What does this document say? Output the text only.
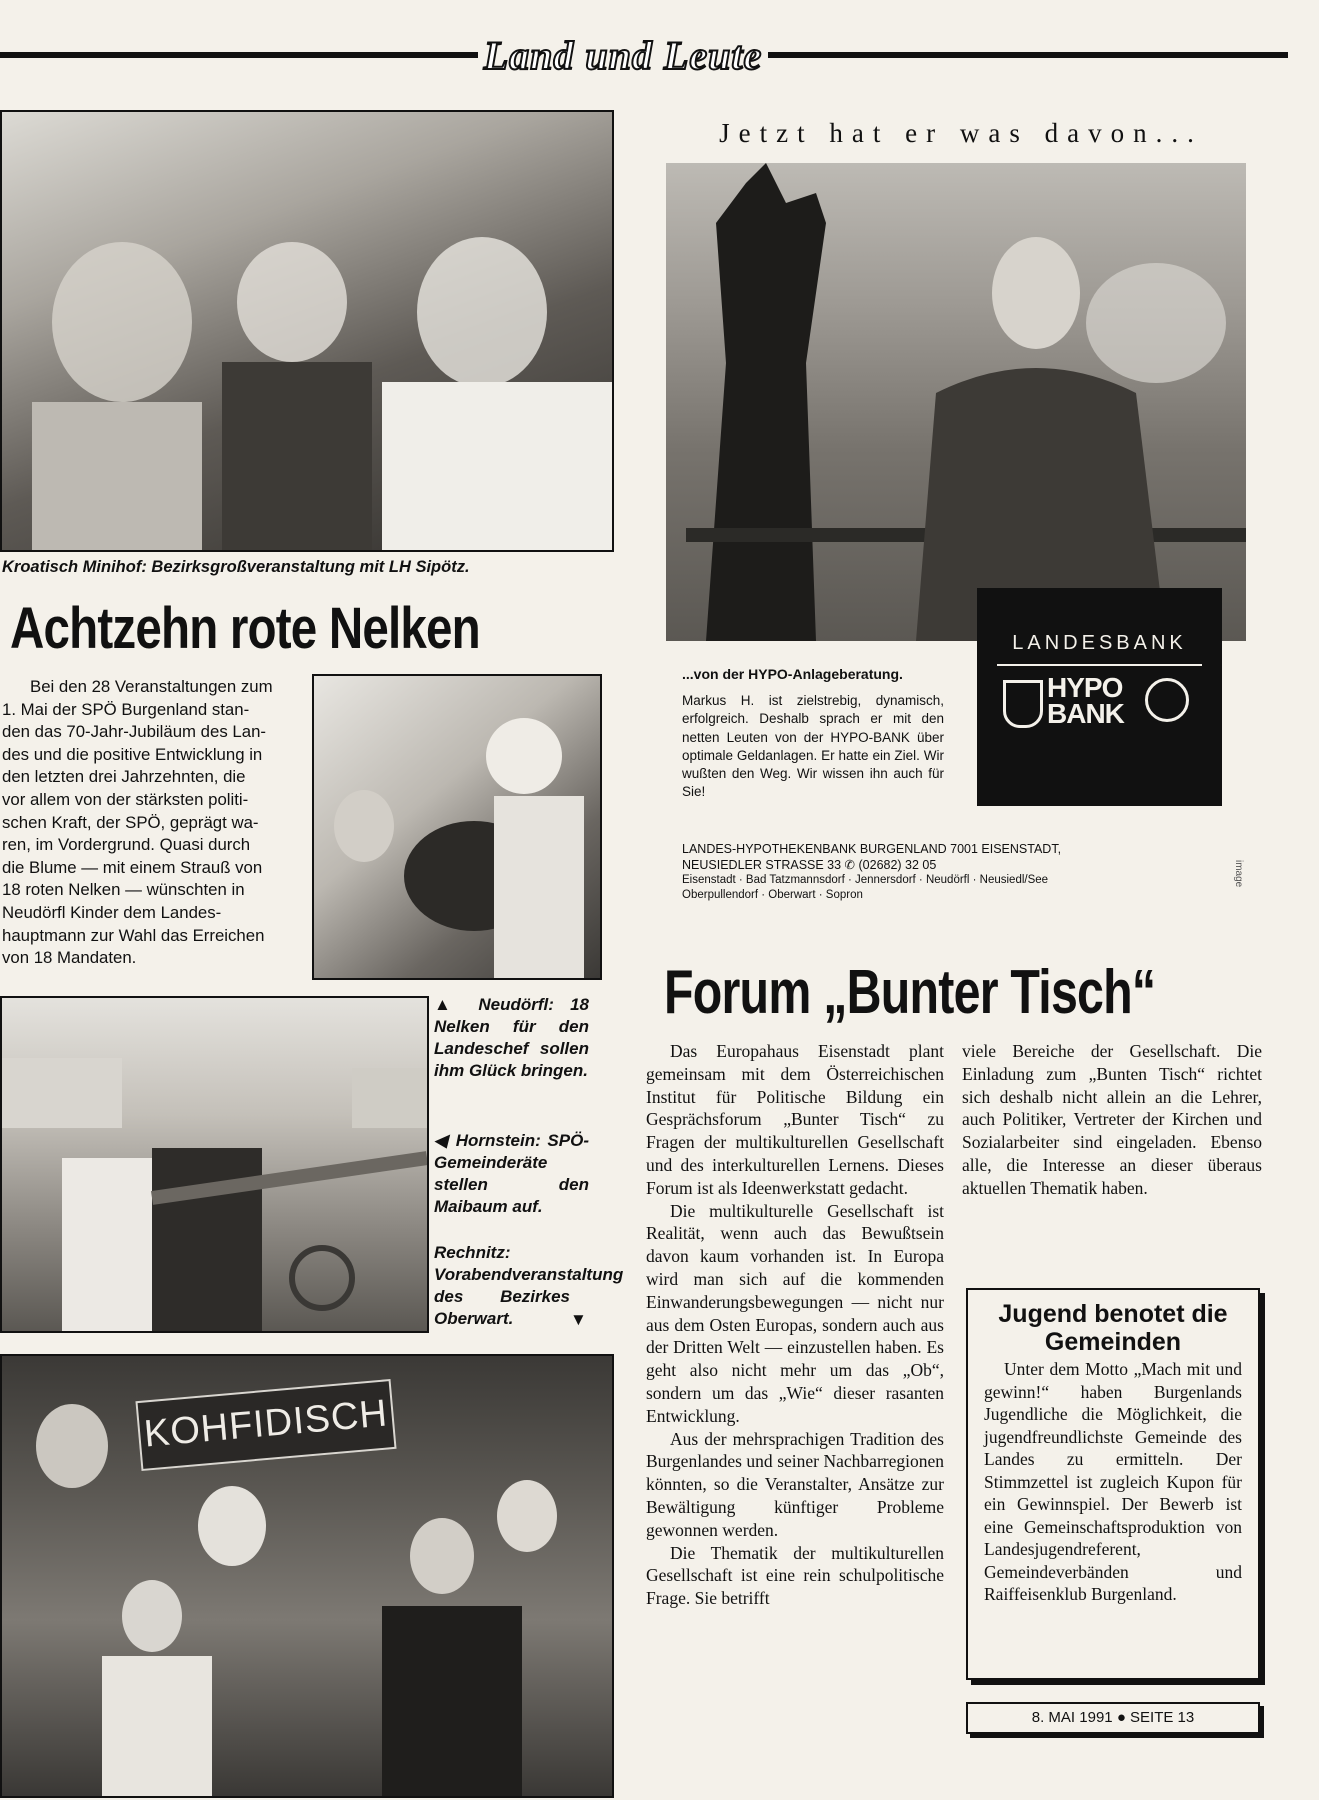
Land und Leute
Kroatisch Minihof: Bezirksgroßveranstaltung mit LH Sipötz.
Achtzehn rote Nelken
Bei den 28 Veranstaltungen zum
1. Mai der SPÖ Burgenland stan-
den das 70-Jahr-Jubiläum des Lan-
des und die positive Entwicklung in
den letzten drei Jahrzehnten, die
vor allem von der stärksten politi-
schen Kraft, der SPÖ, geprägt wa-
ren, im Vordergrund. Quasi durch
die Blume — mit einem Strauß von
18 roten Nelken — wünschten in
Neudörfl Kinder dem Landes-
hauptmann zur Wahl das Erreichen
von 18 Mandaten.
▲ Neudörfl: 18 Nelken für den Landeschef sollen ihm Glück bringen.
◀ Hornstein: SPÖ-Gemeinderäte stellen den Maibaum auf.
Rechnitz: Vorabendveranstaltung des Bezirkes Oberwart.	▼
KOHFIDISCH
Jetzt hat er was davon...
LANDESBANK
HYPO
BANK
...von der HYPO-Anlageberatung.
Markus H. ist zielstrebig, dynamisch, erfolgreich. Deshalb sprach er mit den netten Leuten von der HYPO-BANK über optimale Geldanlagen. Er hatte ein Ziel. Wir wußten den Weg. Wir wissen ihn auch für Sie!
LANDES-HYPOTHEKENBANK BURGENLAND 7001 EISENSTADT,
NEUSIEDLER STRASSE 33 ✆ (02682) 32 05
Eisenstadt · Bad Tatzmannsdorf · Jennersdorf · Neudörfl · Neusiedl/See
Oberpullendorf · Oberwart · Sopron
image
Forum „Bunter Tisch“

Das Europahaus Eisenstadt plant gemeinsam mit dem Österreichischen Institut für Politische Bildung ein Gesprächsforum „Bunter Tisch“ zu Fragen der multikulturellen Gesellschaft und des interkulturellen Lernens. Dieses Forum ist als Ideenwerkstatt gedacht.

Die multikulturelle Gesellschaft ist Realität, wenn auch das Bewußtsein davon kaum vorhanden ist. In Europa wird man sich auf die kommenden Einwanderungsbewegungen — nicht nur aus dem Osten Europas, sondern auch aus der Dritten Welt — einzustellen haben. Es geht also nicht mehr um das „Ob“, sondern um das „Wie“ dieser rasanten Entwicklung.

Aus der mehrsprachigen Tradition des Burgenlandes und seiner Nachbarregionen könnten, so die Veranstalter, Ansätze zur Bewältigung künftiger Probleme gewonnen werden.

Die Thematik der multikulturellen Gesellschaft ist eine rein schulpolitische Frage. Sie betrifft

viele Bereiche der Gesellschaft. Die Einladung zum „Bunten Tisch“ richtet sich deshalb nicht allein an die Lehrer, auch Politiker, Vertreter der Kirchen und Sozialarbeiter sind eingeladen. Ebenso alle, die Interesse an dieser überaus aktuellen Thematik haben.

Jugend benotet die Gemeinden
Unter dem Motto „Mach mit und gewinn!“ haben Burgenlands Jugendliche die Möglichkeit, die jugendfreundlichste Gemeinde des Landes zu ermitteln. Der Stimmzettel ist zugleich Kupon für ein Gewinnspiel. Der Bewerb ist eine Gemeinschaftsproduktion von Landesjugendreferent, Gemeindeverbänden und Raiffeisenklub Burgenland.
8. MAI 1991 ● SEITE 13
